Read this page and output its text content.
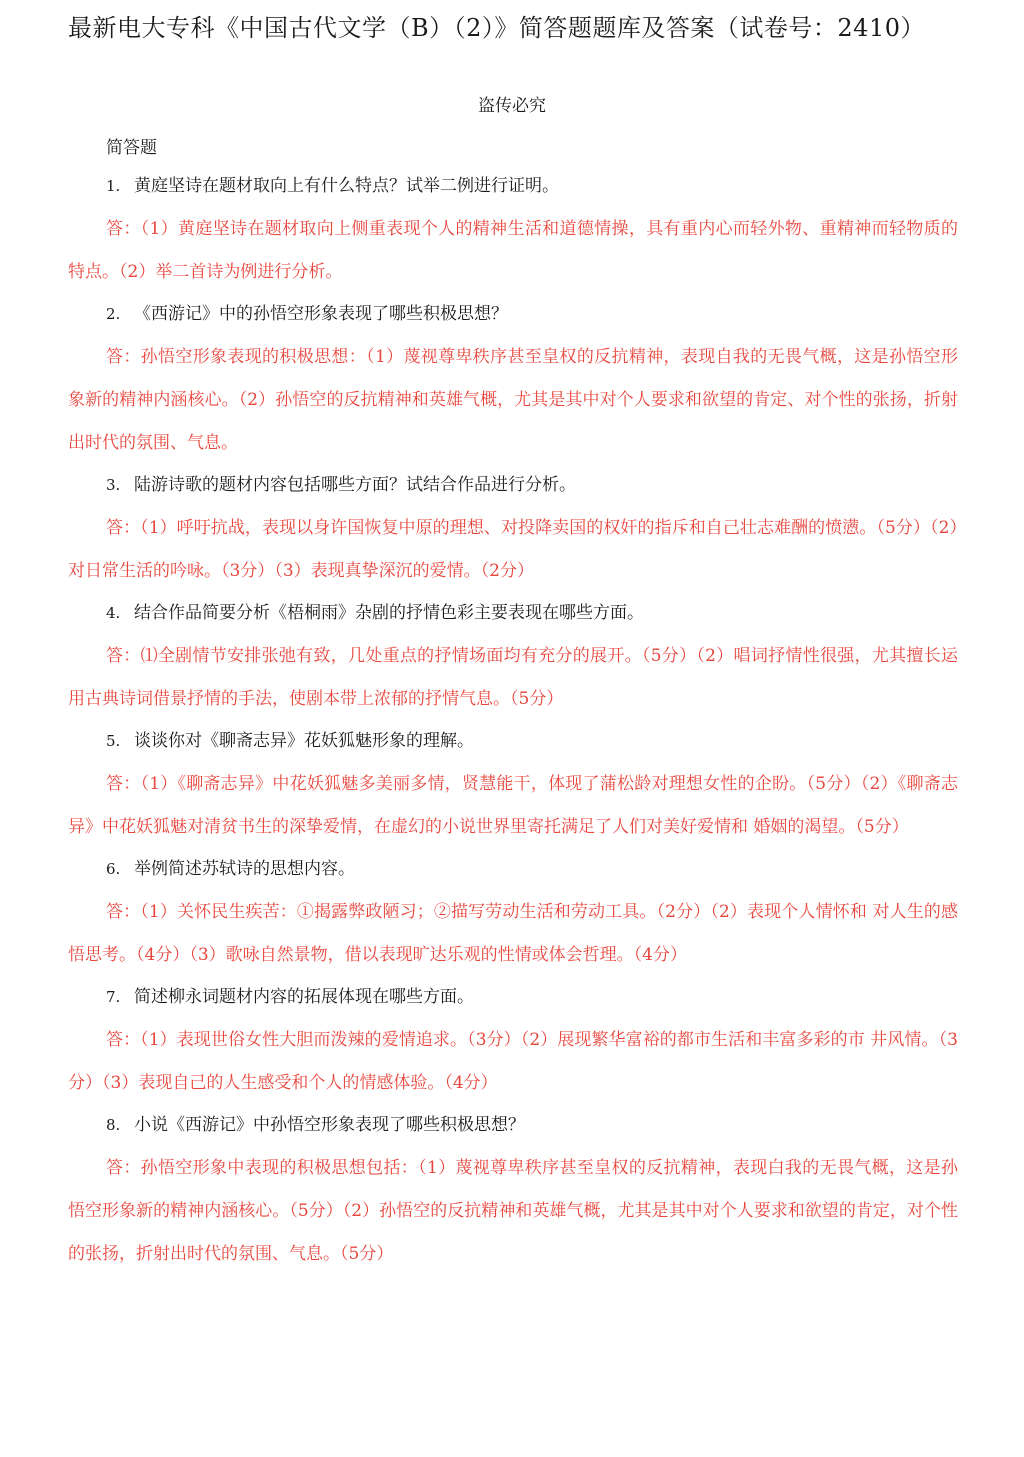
最新电大专科《中国古代文学（B）（2）》简答题题库及答案（试卷号：2410）
盗传必究
简答题

1. 黄庭坚诗在题材取向上有什么特点？试举二例进行证明。

答：（1）黄庭坚诗在题材取向上侧重表现个人的精神生活和道德情操，具有重内心而轻外物、重精神而轻物质的特点。（2）举二首诗为例进行分析。

2. 《西游记》中的孙悟空形象表现了哪些积极思想？

答：孙悟空形象表现的积极思想：（1）蔑视尊卑秩序甚至皇权的反抗精神，表现自我的无畏气概，这是孙悟空形象新的精神内涵核心。（2）孙悟空的反抗精神和英雄气概，尤其是其中对个人要求和欲望的肯定、对个性的张扬，折射出时代的氛围、气息。

3. 陆游诗歌的题材内容包括哪些方面？试结合作品进行分析。

答：（1）呼吁抗战，表现以身许国恢复中原的理想、对投降卖国的权奸的指斥和自己壮志难酬的愤懑。（5分）（2）对日常生活的吟咏。（3分）（3）表现真挚深沉的爱情。（2分）

4. 结合作品简要分析《梧桐雨》杂剧的抒情色彩主要表现在哪些方面。

答：⑴全剧情节安排张弛有致，几处重点的抒情场面均有充分的展开。（5分）（2）唱词抒情性很强，尤其擅长运用古典诗词借景抒情的手法，使剧本带上浓郁的抒情气息。（5分）

5. 谈谈你对《聊斋志异》花妖狐魅形象的理解。

答：（1）《聊斋志异》中花妖狐魅多美丽多情，贤慧能干，体现了蒲松龄对理想女性的企盼。（5分）（2）《聊斋志异》中花妖狐魅对清贫书生的深挚爱情，在虚幻的小说世界里寄托满足了人们对美好爱情和 婚姻的渴望。（5分）

6. 举例简述苏轼诗的思想内容。

答：（1）关怀民生疾苦：①揭露弊政陋习；②描写劳动生活和劳动工具。（2分）（2）表现个人情怀和 对人生的感悟思考。（4分）（3）歌咏自然景物，借以表现旷达乐观的性情或体会哲理。（4分）

7. 简述柳永词题材内容的拓展体现在哪些方面。

答：（1）表现世俗女性大胆而泼辣的爱情追求。（3分）（2）展现繁华富裕的都市生活和丰富多彩的市 井风情。（3分）（3）表现自己的人生感受和个人的情感体验。（4分）

8. 小说《西游记》中孙悟空形象表现了哪些积极思想？

答：孙悟空形象中表现的积极思想包括：（1）蔑视尊卑秩序甚至皇权的反抗精神，表现白我的无畏气概，这是孙悟空形象新的精神内涵核心。（5分）（2）孙悟空的反抗精神和英雄气概，尤其是其中对个人要求和欲望的肯定，对个性的张扬，折射出时代的氛围、气息。（5分）
